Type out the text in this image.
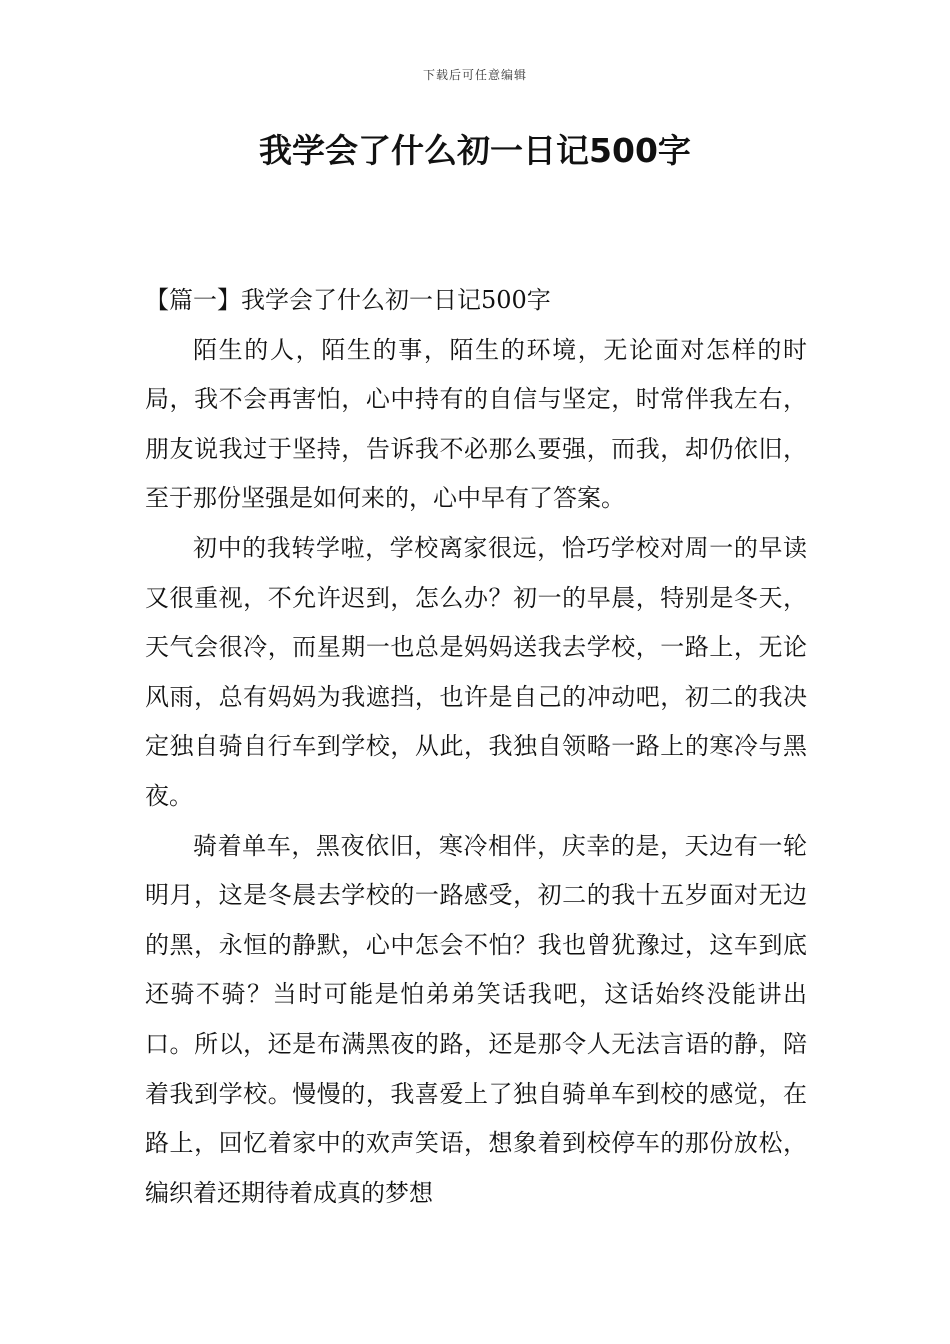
下载后可任意编辑
我学会了什么初一日记500字
【篇一】我学会了什么初一日记500字

陌生的人，陌生的事，陌生的环境，无论面对怎样的时局，我不会再害怕，心中持有的自信与坚定，时常伴我左右，朋友说我过于坚持，告诉我不必那么要强，而我，却仍依旧，至于那份坚强是如何来的，心中早有了答案。

初中的我转学啦，学校离家很远，恰巧学校对周一的早读又很重视，不允许迟到，怎么办？初一的早晨，特别是冬天，天气会很冷，而星期一也总是妈妈送我去学校，一路上，无论风雨，总有妈妈为我遮挡，也许是自己的冲动吧，初二的我决定独自骑自行车到学校，从此，我独自领略一路上的寒冷与黑夜。

骑着单车，黑夜依旧，寒冷相伴，庆幸的是，天边有一轮明月，这是冬晨去学校的一路感受，初二的我十五岁面对无边的黑，永恒的静默，心中怎会不怕？我也曾犹豫过，这车到底还骑不骑？当时可能是怕弟弟笑话我吧，这话始终没能讲出口。所以，还是布满黑夜的路，还是那令人无法言语的静，陪着我到学校。慢慢的，我喜爱上了独自骑单车到校的感觉，在路上，回忆着家中的欢声笑语，想象着到校停车的那份放松，编织着还期待着成真的梦想
